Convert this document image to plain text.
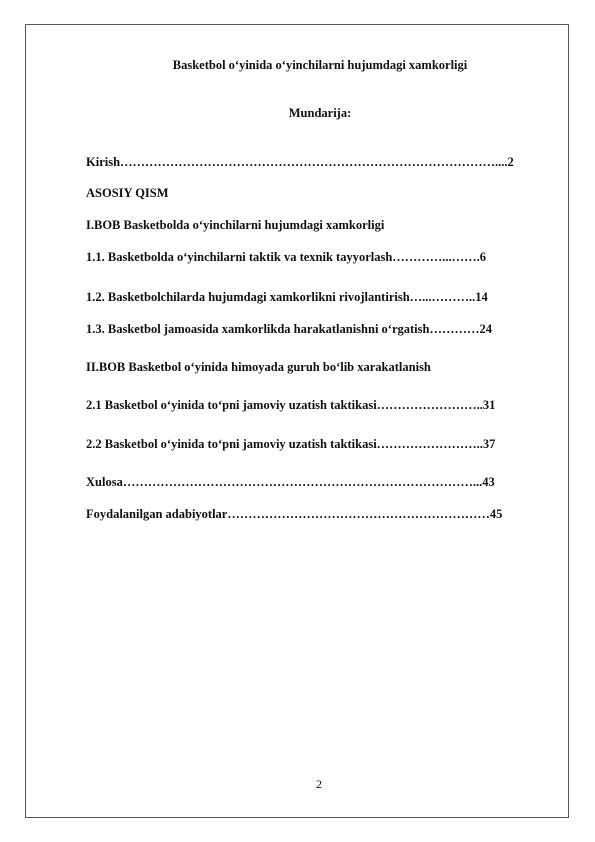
Basketbol o‘yinida o‘yinchilarni hujumdagi xamkorligi
Mundarija:
Kirish………………………………………………………………………………....2
ASOSIY QISM
I.BOB Basketbolda o‘yinchilarni hujumdagi xamkorligi
1.1. Basketbolda o‘yinchilarni taktik va texnik tayyorlash…………...…….6
1.2. Basketbolchilarda hujumdagi xamkorlikni rivojlantirish…...………..14
1.3. Basketbol jamoasida xamkorlikda harakatlanishni o‘rgatish…………24
II.BOB Basketbol o‘yinida himoyada guruh bo‘lib xarakatlanish
2.1 Basketbol o‘yinida to‘pni jamoviy uzatish taktikasi……………………..31
2.2 Basketbol o‘yinida to‘pni jamoviy uzatish taktikasi……………………..37
Xulosa…………………………………………………………………………...43
Foydalanilgan adabiyotlar………………………………………………………45
2
